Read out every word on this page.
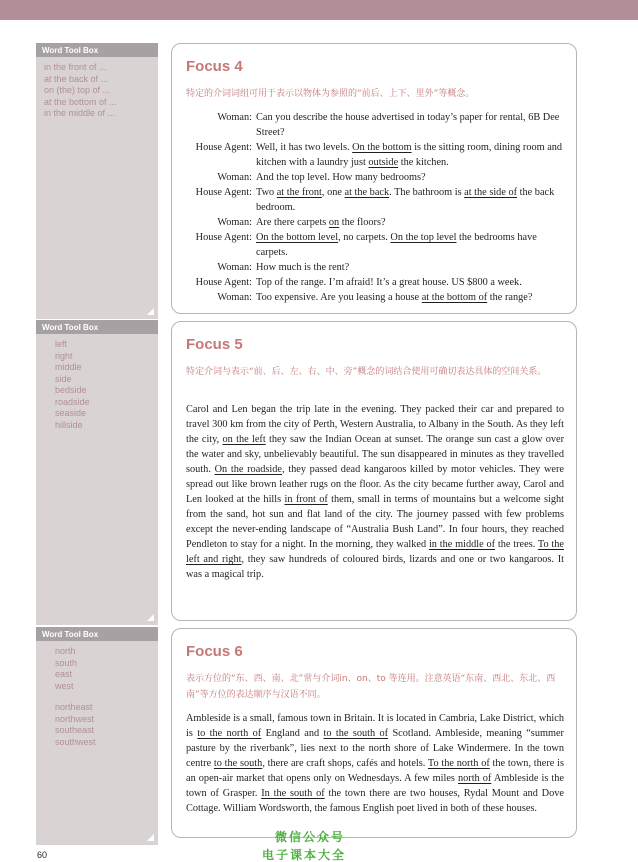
Word Tool Box
in the front of ...
at the back of ...
on (the) top of ...
at the bottom of ...
in the middle of ...
Word Tool Box
left
right
middle
side
bedside
roadside
seaside
hillside
Word Tool Box
north
south
east
west
northeast
northwest
southeast
southwest
Focus 4
特定的介词词组可用于表示以物体为参照的“前后、上下、里外”等概念。
Woman: Can you describe the house advertised in today’s paper for rental, 6B Dee Street?
House Agent: Well, it has two levels. On the bottom is the sitting room, dining room and kitchen with a laundry just outside the kitchen.
Woman: And the top level. How many bedrooms?
House Agent: Two at the front, one at the back. The bathroom is at the side of the back bedroom.
Woman: Are there carpets on the floors?
House Agent: On the bottom level, no carpets. On the top level the bedrooms have carpets.
Woman: How much is the rent?
House Agent: Top of the range. I’m afraid! It’s a great house. US $800 a week.
Woman: Too expensive. Are you leasing a house at the bottom of the range?
Focus 5
特定介词与表示“前、后、左、右、中、旁”概念的词结合使用可确切表达具体的空间关系。
Carol and Len began the trip late in the evening. They packed their car and prepared to travel 300 km from the city of Perth, Western Australia, to Albany in the South. As they left the city, on the left they saw the Indian Ocean at sunset. The orange sun cast a glow over the water and sky, unbelievably beautiful. The sun disappeared in minutes as they travelled south. On the roadside, they passed dead kangaroos killed by motor vehicles. They were spread out like brown leather rugs on the floor. As the city became further away, Carol and Len looked at the hills in front of them, small in terms of mountains but a welcome sight from the sand, hot sun and flat land of the city. The journey passed with few problems except the never-ending landscape of “Australia Bush Land”. In four hours, they reached Pendleton to stay for a night. In the morning, they walked in the middle of the trees. To the left and right, they saw hundreds of coloured birds, lizards and one or two kangaroos. It was a magical trip.
Focus 6
表示方位的“东、西、南、北”常与介词in、on、to 等连用。注意英语“东南、西北、东北、西南”等方位的表达顺序与汉语不同。
Ambleside is a small, famous town in Britain. It is located in Cambria, Lake District, which is to the north of England and to the south of Scotland. Ambleside, meaning “summer pasture by the riverbank”, lies next to the north shore of Lake Windermere. In the town centre to the south, there are craft shops, cafés and hotels. To the north of the town, there is an open-air market that opens only on Wednesdays. A few miles north of Ambleside is the town of Grasper. In the south of the town there are two houses, Rydal Mount and Dove Cottage. William Wordsworth, the famous English poet lived in both of these houses.
60
微信公众号
电子课本大全
